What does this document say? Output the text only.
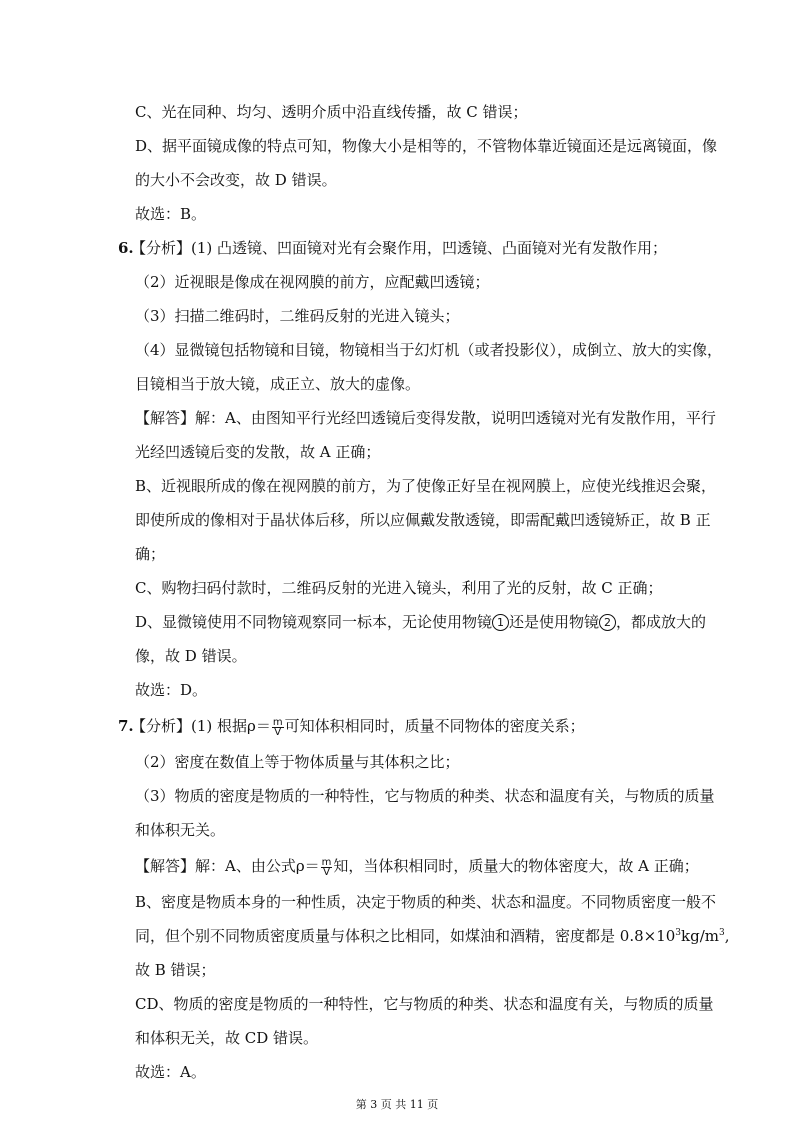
C、光在同种、均匀、透明介质中沿直线传播，故 C 错误；
D、据平面镜成像的特点可知，物像大小是相等的，不管物体靠近镜面还是远离镜面，像
的大小不会改变，故 D 错误。
故选：B。
6.
【分析】(1) 凸透镜、凹面镜对光有会聚作用，凹透镜、凸面镜对光有发散作用；
（2）近视眼是像成在视网膜的前方，应配戴凹透镜；
（3）扫描二维码时，二维码反射的光进入镜头；
（4）显微镜包括物镜和目镜，物镜相当于幻灯机（或者投影仪），成倒立、放大的实像，
目镜相当于放大镜，成正立、放大的虚像。
【解答】解：A、由图知平行光经凹透镜后变得发散，说明凹透镜对光有发散作用，平行
光经凹透镜后变的发散，故 A 正确；
B、近视眼所成的像在视网膜的前方，为了使像正好呈在视网膜上，应使光线推迟会聚，
即使所成的像相对于晶状体后移，所以应佩戴发散透镜，即需配戴凹透镜矫正，故 B 正
确；
C、购物扫码付款时，二维码反射的光进入镜头，利用了光的反射，故 C 正确；
D、显微镜使用不同物镜观察同一标本，无论使用物镜 1 还是使用物镜 2 ，都成放大的
像，故 D 错误。
故选：D。
7.
【分析】(1) 根据$\rho= \frac{m}{V}$ 可知体积相同时，质量不同物体的密度关系；
（2）密度在数值上等于物体质量与其体积之比；
（3）物质的密度是物质的一种特性，它与物质的种类、状态和温度有关，与物质的质量
和体积无关。
【解答】解：A、由公式$\rho= \frac{m}{V}$ 知，当体积相同时，质量大的物体密度大，故 A 正确；
B、密度是物质本身的一种性质，决定于物质的种类、状态和温度。不同物质密度一般不
同，但个别不同物质密度质量与体积之比相同，如煤油和酒精，密度都是 $0.8\times 10^3kg/m^3$,
故 B 错误；
CD、物质的密度是物质的一种特性，它与物质的种类、状态和温度有关，与物质的质量
和体积无关，故 CD 错误。
故选：A。
第 3 页 共 11 页
